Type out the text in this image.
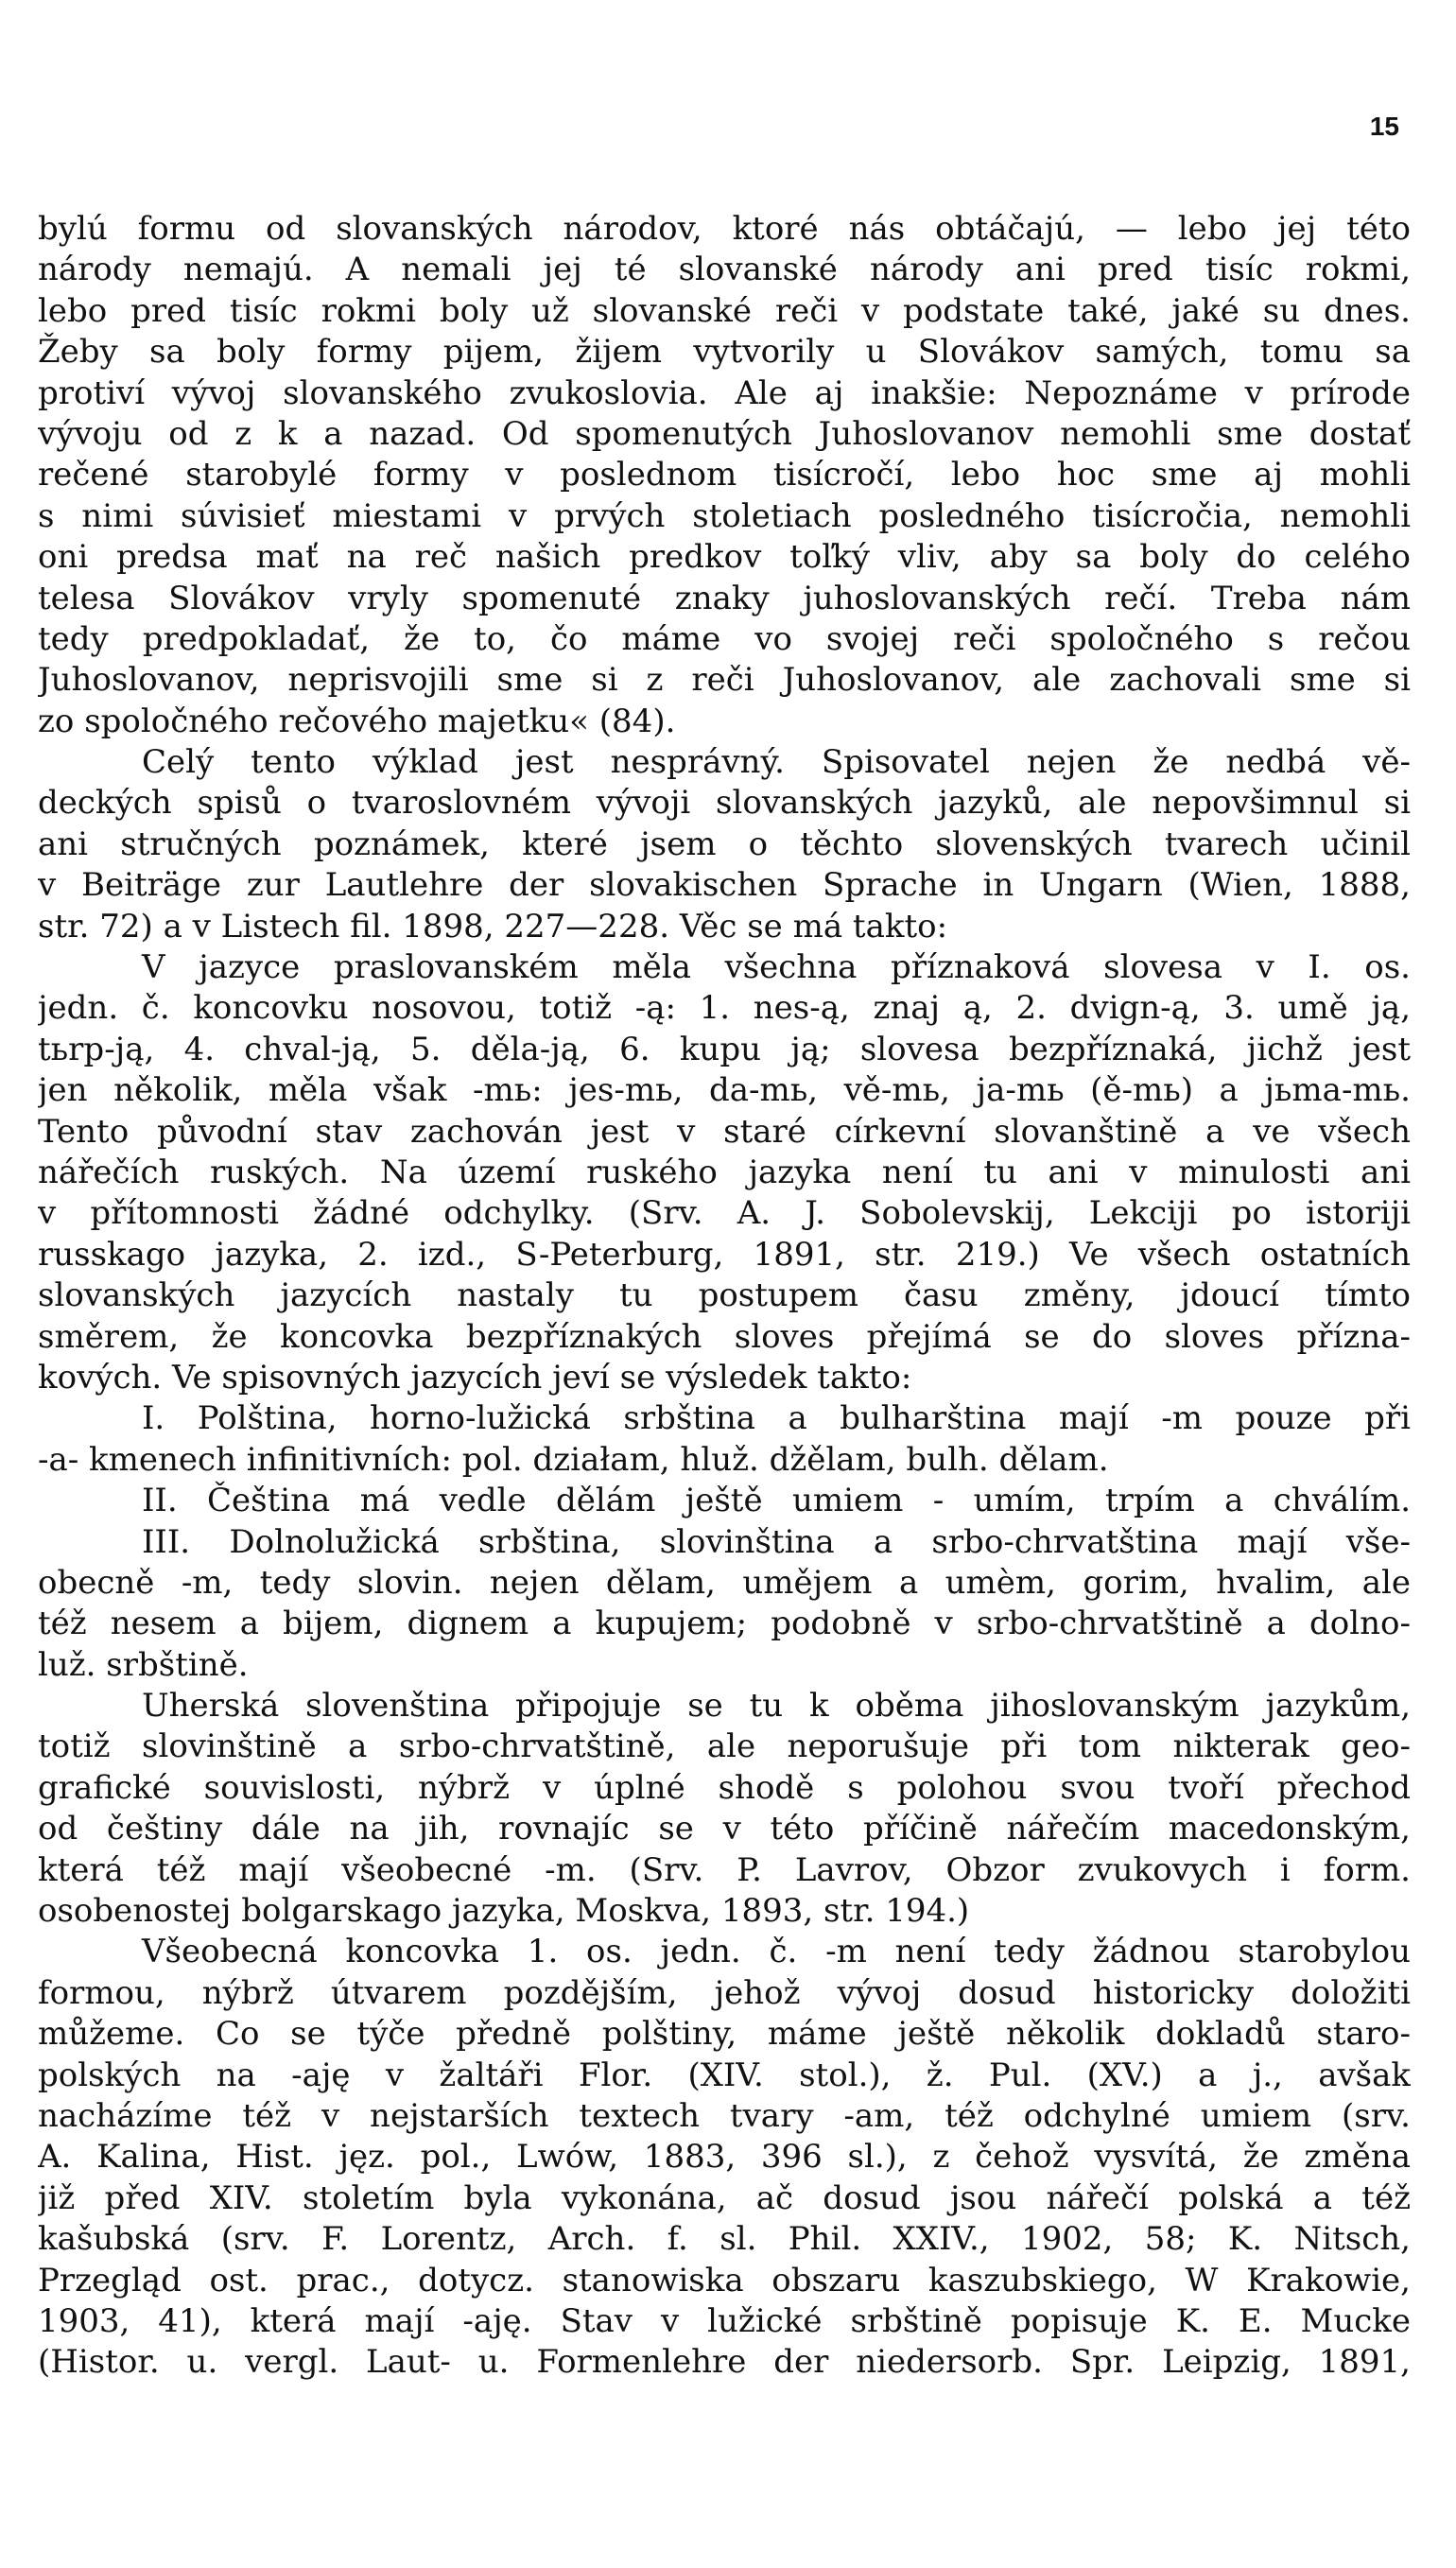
15
bylú formu od slovanských národov, ktoré nás obtáčajú, — lebo jej této
národy nemajú. A nemali jej té slovanské národy ani pred tisíc rokmi,
lebo pred tisíc rokmi boly už slovanské reči v podstate také, jaké su dnes.
Žeby sa boly formy pijem, žijem vytvorily u Slovákov samých, tomu sa
protiví vývoj slovanského zvukoslovia. Ale aj inakšie: Nepoznáme v prírode
vývoju od z k a nazad. Od spomenutých Juhoslovanov nemohli sme dostať
rečené starobylé formy v poslednom tisícročí, lebo hoc sme aj mohli
s nimi súvisieť miestami v prvých stoletiach posledného tisícročia, nemohli
oni predsa mať na reč našich predkov toľký vliv, aby sa boly do celého
telesa Slovákov vryly spomenuté znaky juhoslovanských rečí. Treba nám
tedy predpokladať, že to, čo máme vo svojej reči spoločného s rečou
Juhoslovanov, neprisvojili sme si z reči Juhoslovanov, ale zachovali sme si
zo spoločného rečového majetku« (84).
Celý tento výklad jest nesprávný. Spisovatel nejen že nedbá vě-
deckých spisů o tvaroslovném vývoji slovanských jazyků, ale nepovšimnul si
ani stručných poznámek, které jsem o těchto slovenských tvarech učinil
v Beiträge zur Lautlehre der slovakischen Sprache in Ungarn (Wien, 1888,
str. 72) a v Listech fil. 1898, 227—228. Věc se má takto:
V jazyce praslovanském měla všechna příznaková slovesa v I. os.
jedn. č. koncovku nosovou, totiž -ą: 1. nes-ą, znaj ą, 2. dvign-ą, 3. umě ją,
tьrp-ją, 4. chval-ją, 5. děla-ją, 6. kupu ją; slovesa bezpříznaká, jichž jest
jen několik, měla však -mь: jes-mь, da-mь, vě-mь, ja-mь (ě-mь) a jьma-mь.
Tento původní stav zachován jest v staré církevní slovanštině a ve všech
nářečích ruských. Na území ruského jazyka není tu ani v minulosti ani
v přítomnosti žádné odchylky. (Srv. A. J. Sobolevskij, Lekciji po istoriji
russkago jazyka, 2. izd., S-Peterburg, 1891, str. 219.) Ve všech ostatních
slovanských jazycích nastaly tu postupem času změny, jdoucí tímto
směrem, že koncovka bezpříznakých sloves přejímá se do sloves přízna-
kových. Ve spisovných jazycích jeví se výsledek takto:
I. Polština, horno-lužická srbština a bulharština mají -m pouze při
-a- kmenech infinitivních: pol. działam, hluž. džělam, bulh. dělam.
II. Čeština má vedle dělám ještě umiem - umím, trpím a chválím.
III. Dolnolužická srbština, slovinština a srbo-chrvatština mají vše-
obecně -m, tedy slovin. nejen dělam, umějem a umèm, gorim, hvalim, ale
též nesem a bijem, dignem a kupujem; podobně v srbo-chrvatštině a dolno-
luž. srbštině.
Uherská slovenština připojuje se tu k oběma jihoslovanským jazykům,
totiž slovinštině a srbo-chrvatštině, ale neporušuje při tom nikterak geo-
grafické souvislosti, nýbrž v úplné shodě s polohou svou tvoří přechod
od češtiny dále na jih, rovnajíc se v této příčině nářečím macedonským,
která též mají všeobecné -m. (Srv. P. Lavrov, Obzor zvukovych i form.
osobenostej bolgarskago jazyka, Moskva, 1893, str. 194.)
Všeobecná koncovka 1. os. jedn. č. -m není tedy žádnou starobylou
formou, nýbrž útvarem pozdějším, jehož vývoj dosud historicky doložiti
můžeme. Co se týče předně polštiny, máme ještě několik dokladů staro-
polských na -aję v žaltáři Flor. (XIV. stol.), ž. Pul. (XV.) a j., avšak
nacházíme též v nejstarších textech tvary -am, též odchylné umiem (srv.
A. Kalina, Hist. jęz. pol., Lwów, 1883, 396 sl.), z čehož vysvítá, že změna
již před XIV. stoletím byla vykonána, ač dosud jsou nářečí polská a též
kašubská (srv. F. Lorentz, Arch. f. sl. Phil. XXIV., 1902, 58; K. Nitsch,
Przegląd ost. prac., dotycz. stanowiska obszaru kaszubskiego, W Krakowie,
1903, 41), která mají -aję. Stav v lužické srbštině popisuje K. E. Mucke
(Histor. u. vergl. Laut- u. Formenlehre der niedersorb. Spr. Leipzig, 1891,
